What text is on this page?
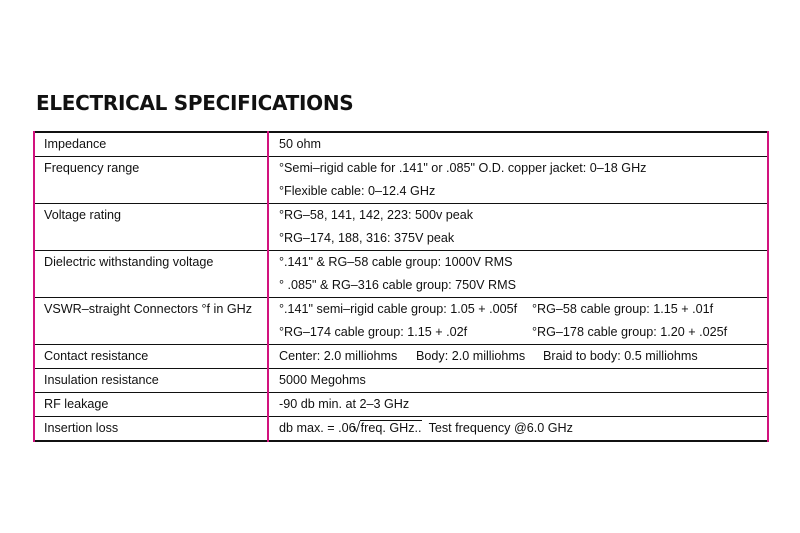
ELECTRICAL SPECIFICATIONS
Impedance	50 ohm

Frequency range	°Semi–rigid cable for .141" or .085" O.D. copper jacket: 0–18 GHz
°Flexible cable: 0–12.4 GHz

Voltage rating	°RG–58, 141, 142, 223: 500v peak
°RG–174, 188, 316: 375V peak

Dielectric withstanding voltage	°.141" & RG–58 cable group: 1000V RMS
° .085" & RG–316 cable group: 750V RMS

VSWR–straight Connectors °f in GHz	°.141" semi–rigid cable group: 1.05 + .005f °RG–58 cable group: 1.15 + .01f
°RG–174 cable group: 1.15 + .02f °RG–178 cable group: 1.20 + .025f

Contact resistance	Center: 2.0 milliohms Body: 2.0 milliohms Braid to body: 0.5 milliohms

Insulation resistance	5000 Megohms

RF leakage	-90 db min. at 2–3 GHz

Insertion loss	db max. = .06 √ freq. GHz.. Test frequency @6.0 GHz
